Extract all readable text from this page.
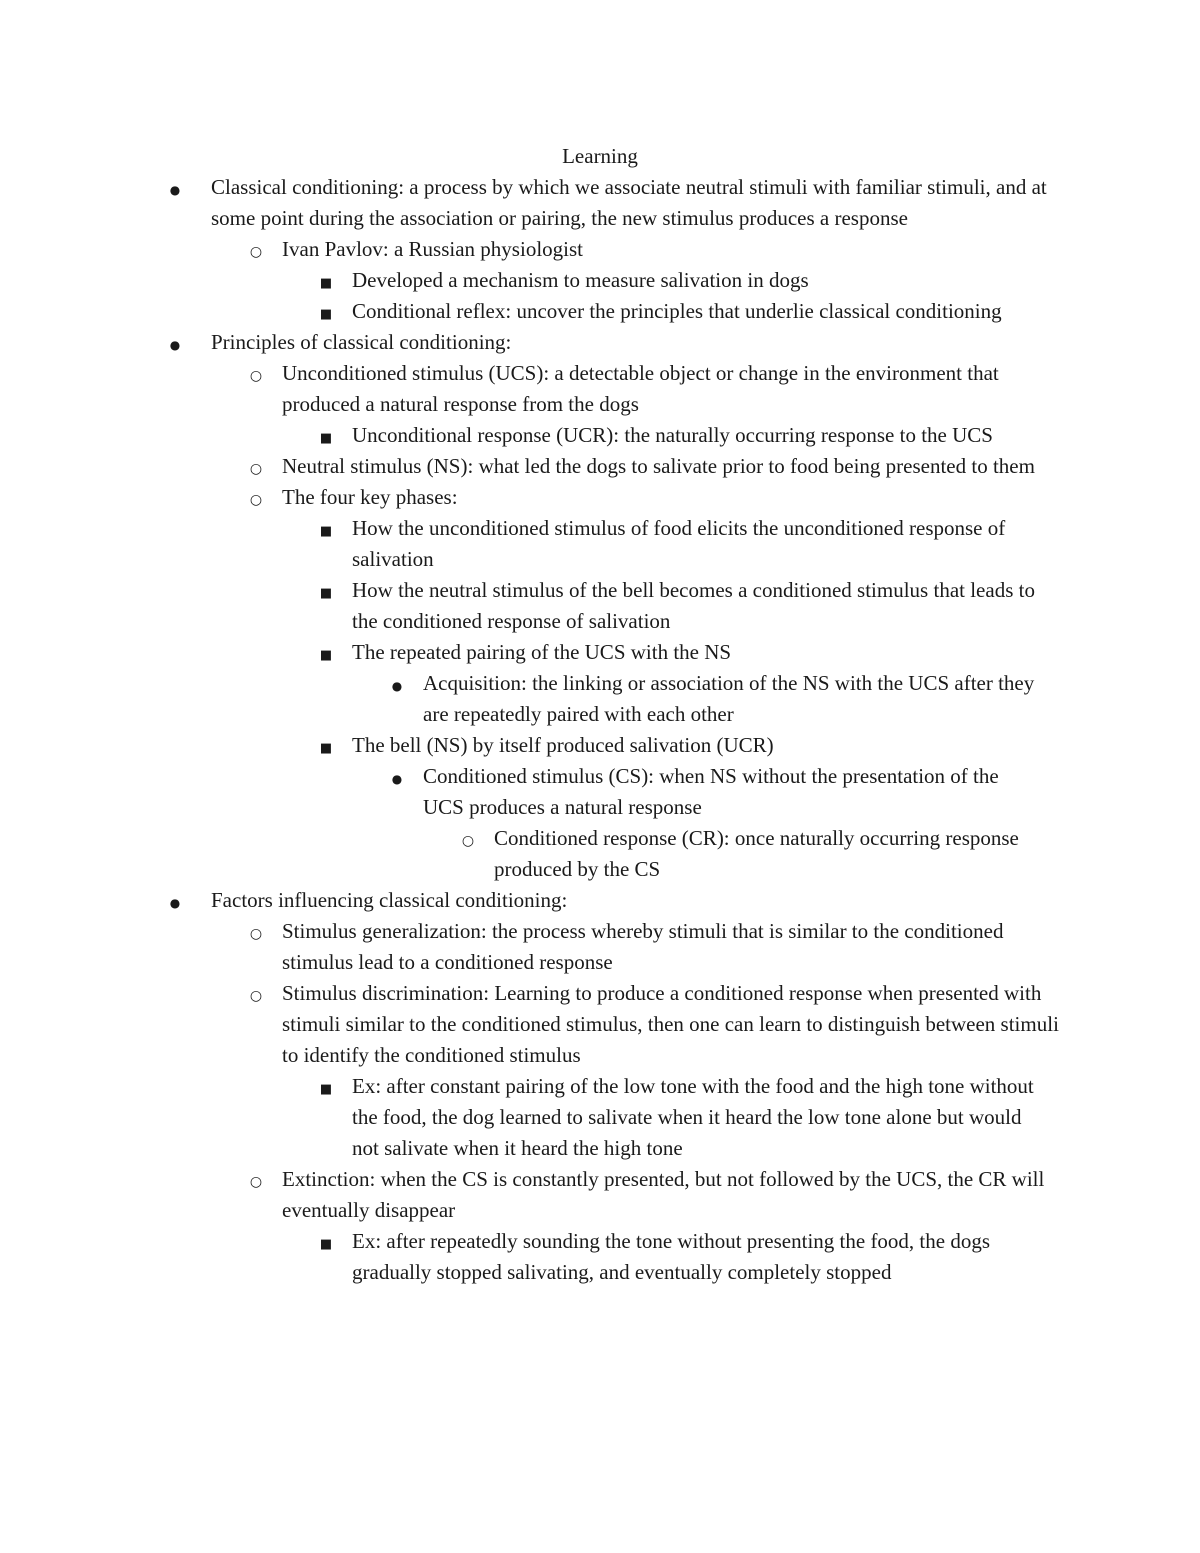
Learning
●
Classical conditioning: a process by which we associate neutral stimuli with familiar stimuli, and at some point during the association or pairing, the new stimulus produces a response
○
Ivan Pavlov: a Russian physiologist
■
Developed a mechanism to measure salivation in dogs
■
Conditional reflex: uncover the principles that underlie classical conditioning
●
Principles of classical conditioning:
○
Unconditioned stimulus (UCS): a detectable object or change in the environment that produced a natural response from the dogs
■
Unconditional response (UCR): the naturally occurring response to the UCS
○
Neutral stimulus (NS): what led the dogs to salivate prior to food being presented to them
○
The four key phases:
■
How the unconditioned stimulus of food elicits the unconditioned response of salivation
■
How the neutral stimulus of the bell becomes a conditioned stimulus that leads to the conditioned response of salivation
■
The repeated pairing of the UCS with the NS
●
Acquisition: the linking or association of the NS with the UCS after they are repeatedly paired with each other
■
The bell (NS) by itself produced salivation (UCR)
●
Conditioned stimulus (CS): when NS without the presentation of the UCS produces a natural response
○
Conditioned response (CR): once naturally occurring response produced by the CS
●
Factors influencing classical conditioning:
○
Stimulus generalization: the process whereby stimuli that is similar to the conditioned stimulus lead to a conditioned response
○
Stimulus discrimination: Learning to produce a conditioned response when presented with stimuli similar to the conditioned stimulus, then one can learn to distinguish between stimuli to identify the conditioned stimulus
■
Ex: after constant pairing of the low tone with the food and the high tone without the food, the dog learned to salivate when it heard the low tone alone but would not salivate when it heard the high tone
○
Extinction: when the CS is constantly presented, but not followed by the UCS, the CR will eventually disappear
■
Ex: after repeatedly sounding the tone without presenting the food, the dogs gradually stopped salivating, and eventually completely stopped
